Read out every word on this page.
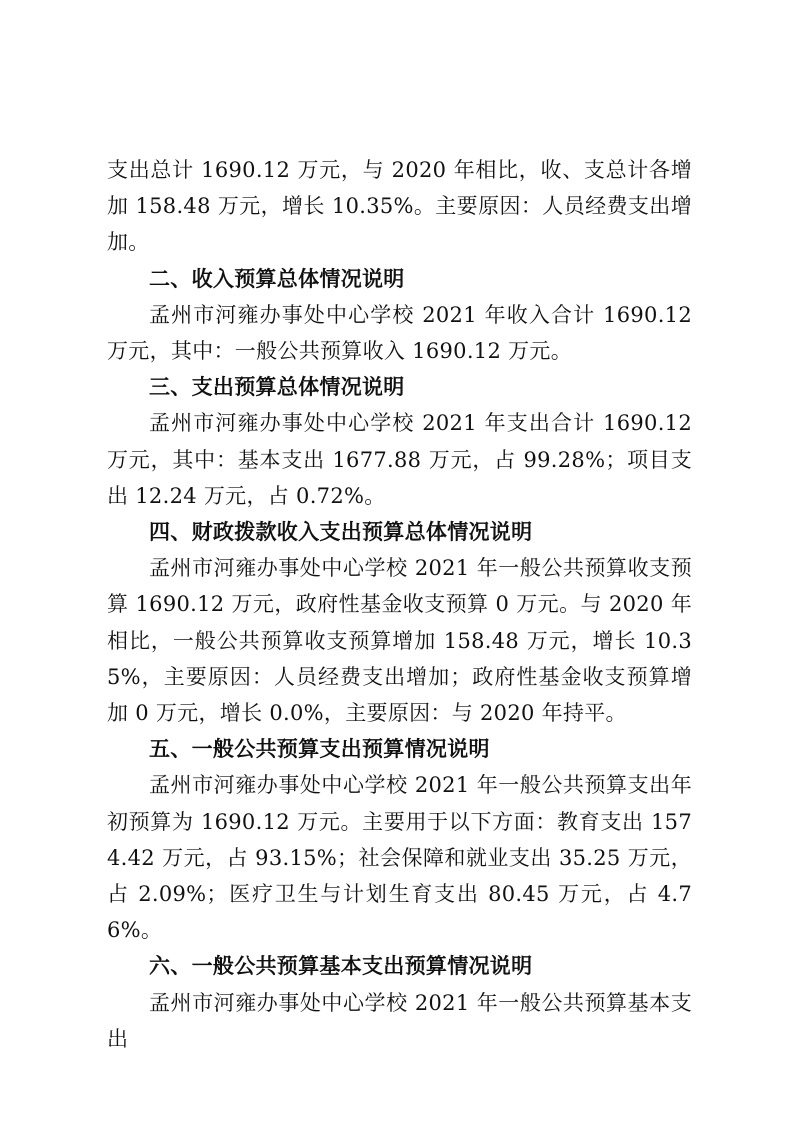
支出总计 1690.12 万元，与 2020 年相比，收、支总计各增加 158.48 万元，增长 10.35%。主要原因：人员经费支出增加。

二、收入预算总体情况说明

孟州市河雍办事处中心学校 2021 年收入合计 1690.12 万元，其中：一般公共预算收入 1690.12 万元。

三、支出预算总体情况说明

孟州市河雍办事处中心学校 2021 年支出合计 1690.12 万元，其中：基本支出 1677.88 万元，占 99.28%；项目支出 12.24 万元，占 0.72%。

四、财政拨款收入支出预算总体情况说明

孟州市河雍办事处中心学校 2021 年一般公共预算收支预算 1690.12 万元，政府性基金收支预算 0 万元。与 2020 年相比，一般公共预算收支预算增加 158.48 万元，增长 10.35%，主要原因：人员经费支出增加；政府性基金收支预算增加 0 万元，增长 0.0%，主要原因：与 2020 年持平。

五、一般公共预算支出预算情况说明

孟州市河雍办事处中心学校 2021 年一般公共预算支出年初预算为 1690.12 万元。主要用于以下方面：教育支出 1574.42 万元，占 93.15%；社会保障和就业支出 35.25 万元，占 2.09%；医疗卫生与计划生育支出 80.45 万元，占 4.76%。

六、一般公共预算基本支出预算情况说明

孟州市河雍办事处中心学校 2021 年一般公共预算基本支出
